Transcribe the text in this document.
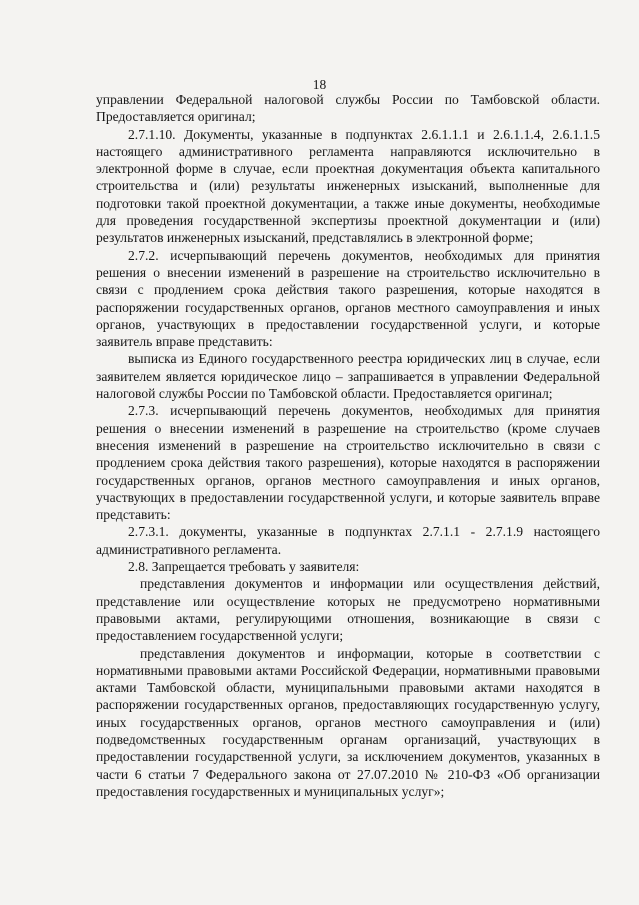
18

управлении Федеральной налоговой службы России по Тамбовской области. Предоставляется оригинал;

2.7.1.10. Документы, указанные в подпунктах 2.6.1.1.1 и 2.6.1.1.4, 2.6.1.1.5 настоящего административного регламента направляются исключительно в электронной форме в случае, если проектная документация объекта капитального строительства и (или) результаты инженерных изысканий, выполненные для подготовки такой проектной документации, а также иные документы, необходимые для проведения государственной экспертизы проектной документации и (или) результатов инженерных изысканий, представлялись в электронной форме;

2.7.2. исчерпывающий перечень документов, необходимых для принятия решения о внесении изменений в разрешение на строительство исключительно в связи с продлением срока действия такого разрешения, которые находятся в распоряжении государственных органов, органов местного самоуправления и иных органов, участвующих в предоставлении государственной услуги, и которые заявитель вправе представить:

выписка из Единого государственного реестра юридических лиц в случае, если заявителем является юридическое лицо – запрашивается в управлении Федеральной налоговой службы России по Тамбовской области. Предоставляется оригинал;

2.7.3. исчерпывающий перечень документов, необходимых для принятия решения о внесении изменений в разрешение на строительство (кроме случаев внесения изменений в разрешение на строительство исключительно в связи с продлением срока действия такого разрешения), которые находятся в распоряжении государственных органов, органов местного самоуправления и иных органов, участвующих в предоставлении государственной услуги, и которые заявитель вправе представить:

2.7.3.1. документы, указанные в подпунктах 2.7.1.1 - 2.7.1.9 настоящего административного регламента.

2.8. Запрещается требовать у заявителя:

представления документов и информации или осуществления действий, представление или осуществление которых не предусмотрено нормативными правовыми актами, регулирующими отношения, возникающие в связи с предоставлением государственной услуги;

представления документов и информации, которые в соответствии с нормативными правовыми актами Российской Федерации, нормативными правовыми актами Тамбовской области, муниципальными правовыми актами находятся в распоряжении государственных органов, предоставляющих государственную услугу, иных государственных органов, органов местного самоуправления и (или) подведомственных государственным органам организаций, участвующих в предоставлении государственной услуги, за исключением документов, указанных в части 6 статьи 7 Федерального закона от 27.07.2010 № 210-ФЗ «Об организации предоставления государственных и муниципальных услуг»;
